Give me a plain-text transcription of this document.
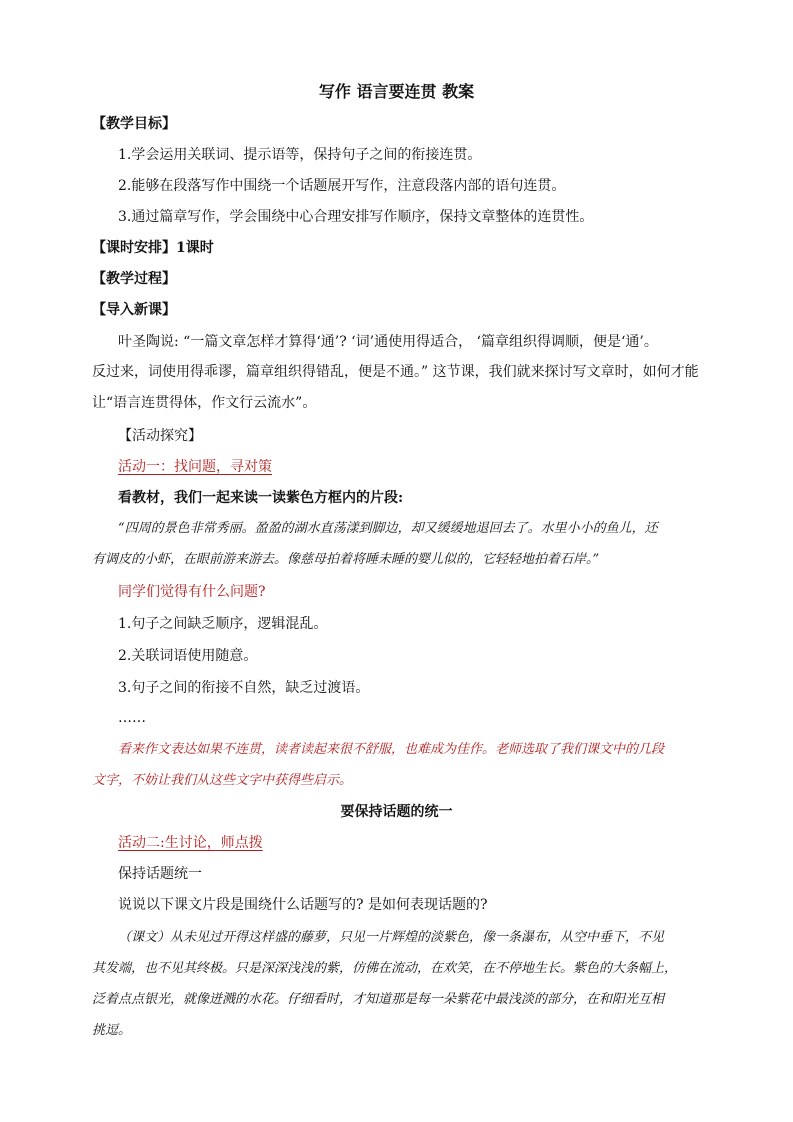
写作 语言要连贯 教案
【教学目标】
1.学会运用关联词、提示语等，保持句子之间的衔接连贯。
2.能够在段落写作中围绕一个话题展开写作，注意段落内部的语句连贯。
3.通过篇章写作，学会围绕中心合理安排写作顺序，保持文章整体的连贯性。
【课时安排】1课时
【教学过程】
【导入新课】
叶圣陶说: “一篇文章怎样才算得‘通’? ‘词’通使用得适合， ‘篇章组织得调顺，便是‘通’。
反过来，词使用得乖谬，篇章组织得错乱，便是不通。” 这节课，我们就来探讨写文章时，如何才能
让“语言连贯得体，作文行云流水”。
【活动探究】
活动一：找问题，寻对策
看教材，我们一起来读一读紫色方框内的片段:
“四周的景色非常秀丽。盈盈的湖水直荡漾到脚边，却又缓缓地退回去了。水里小小的鱼儿，还
有调皮的小虾，在眼前游来游去。像慈母拍着将睡未睡的婴儿似的，它轻轻地拍着石岸。”
同学们觉得有什么问题?
1.句子之间缺乏顺序，逻辑混乱。
2.关联词语使用随意。
3.句子之间的衔接不自然，缺乏过渡语。
……
看来作文表达如果不连贯，读者读起来很不舒服，也难成为佳作。老师选取了我们课文中的几段
文字，不妨让我们从这些文字中获得些启示。
要保持话题的统一
活动二:生讨论，师点拨
保持话题统一
说说以下课文片段是围绕什么话题写的? 是如何表现话题的?
（课文）从未见过开得这样盛的藤萝，只见一片辉煌的淡紫色，像一条瀑布，从空中垂下，不见
其发端，也不见其终极。只是深深浅浅的紫，仿佛在流动，在欢笑，在不停地生长。紫色的大条幅上，
泛着点点银光，就像迸溅的水花。仔细看时，才知道那是每一朵紫花中最浅淡的部分，在和阳光互相
挑逗。
